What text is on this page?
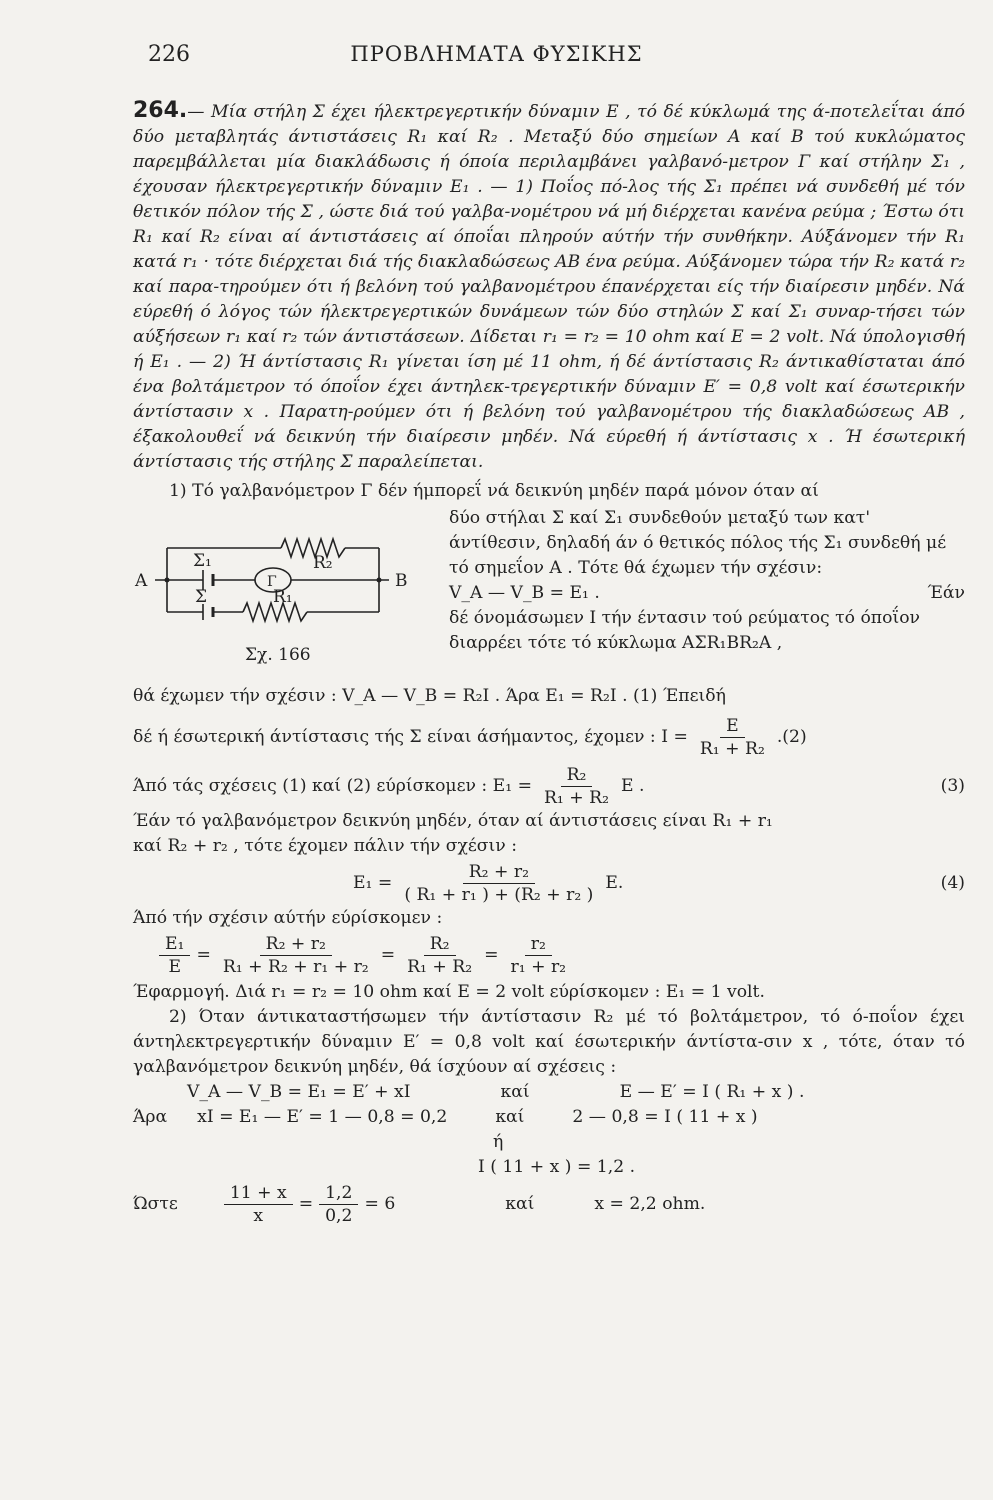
226	ΠΡΟΒΛΗΜΑΤΑ ΦΥΣΙΚΗΣ

264.— Μία στήλη Σ έχει ήλεκτρεγερτικήν δύναμιν Ε , τό δέ κύκλωμά της ά-ποτελεΐται άπό δύο μεταβλητάς άντιστάσεις R₁ καί R₂ . Μεταξύ δύο σημείων Α καί Β τού κυκλώματος παρεμβάλλεται μία διακλάδωσις ή όποία περιλαμβάνει γαλβανό-μετρον Γ καί στήλην Σ₁ , έχουσαν ήλεκτρεγερτικήν δύναμιν Ε₁ . — 1) Ποΐος πό-λος τής Σ₁ πρέπει νά συνδεθή μέ τόν θετικόν πόλον τής Σ , ώστε διά τού γαλβα-νομέτρου νά μή διέρχεται κανένα ρεύμα ; Έστω ότι R₁ καί R₂ είναι αί άντιστάσεις αί όποΐαι πληρούν αύτήν τήν συνθήκην. Αύξάνομεν τήν R₁ κατά r₁ · τότε διέρχεται διά τής διακλαδώσεως ΑΒ ένα ρεύμα. Αύξάνομεν τώρα τήν R₂ κατά r₂ καί παρα-τηρούμεν ότι ή βελόνη τού γαλβανομέτρου έπανέρχεται είς τήν διαίρεσιν μηδέν. Νά εύρεθή ό λόγος τών ήλεκτρεγερτικών δυνάμεων τών δύο στηλών Σ καί Σ₁ συναρ-τήσει τών αύξήσεων r₁ καί r₂ τών άντιστάσεων. Δίδεται r₁ = r₂ = 10 ohm καί Ε = 2 volt. Νά ύπολογισθή ή Ε₁ . — 2) Ή άντίστασις R₁ γίνεται ίση μέ 11 ohm, ή δέ άντίστασις R₂ άντικαθίσταται άπό ένα βολτάμετρον τό όποΐον έχει άντηλεκ-τρεγερτικήν δύναμιν Ε′ = 0,8 volt καί έσωτερικήν άντίστασιν x . Παρατη-ρούμεν ότι ή βελόνη τού γαλβανομέτρου τής διακλαδώσεως ΑΒ , έξακολουθεΐ νά δεικνύη τήν διαίρεσιν μηδέν. Νά εύρεθή ή άντίστασις x . Ή έσωτερική άντίστασις τής στήλης Σ παραλείπεται.

1) Τό γαλβανόμετρον Γ δέν ήμπορεΐ νά δεικνύη μηδέν παρά μόνον όταν αί

A	B
Σ₁	R₂
Γ
Σ	R₁
Σχ. 166

δύο στήλαι Σ καί Σ₁ συνδεθούν μεταξύ των κατ' άντίθεσιν, δηλαδή άν ό θετικός πόλος τής Σ₁ συνδεθή μέ τό σημεΐον Α . Τότε θά έχωμεν τήν σχέσιν:

V_A — V_B = Ε₁ .	Έάν

δέ όνομάσωμεν Ι τήν έντασιν τού ρεύματος τό όποΐον διαρρέει τότε τό κύκλωμα ΑΣR₁BR₂A ,

θά έχωμεν τήν σχέσιν : V_A — V_B = R₂I . Άρα Ε₁ = R₂I . (1) Έπειδή

δέ ή έσωτερική άντίστασις τής Σ είναι άσήμαντος, έχομεν : $I = \frac{E}{\text{R₁ + R₂}} .(2)$
Άπό τάς σχέσεις (1) καί (2) εύρίσκομεν : $E_1 = \frac{\text{R₂}}{\text{R₁ + R₂}}$ Ε .	(3)

Έάν τό γαλβανόμετρον δεικνύη μηδέν, όταν αί άντιστάσεις είναι R₁ + r₁

καί R₂ + r₂ , τότε έχομεν πάλιν τήν σχέσιν :

$E_1 = \frac{\text{R₂ + r₂}}{\text{( R₁ + r₁ ) + (R₂ + r₂ )}} E$.	(4)

Άπό τήν σχέσιν αύτήν εύρίσκομεν :

$\frac{\text{Ε₁}}{E} = \frac{\text{R₂ + r₂}}{\text{R₁ + R₂ + r₁ + r₂}} = \frac{\text{R₂}}{\text{R₁ + R₂}} = \frac{\text{r₂}}{\text{r₁ + r₂}}$

Έφαρμογή. Διά r₁ = r₂ = 10 ohm καί Ε = 2 volt εύρίσκομεν : Ε₁ = 1 volt.

2) Όταν άντικαταστήσωμεν τήν άντίστασιν R₂ μέ τό βολτάμετρον, τό ό-ποΐον έχει άντηλεκτρεγερτικήν δύναμιν Ε′ = 0,8 volt καί έσωτερικήν άντίστα-σιν x , τότε, όταν τό γαλβανόμετρον δεικνύη μηδέν, θά ίσχύουν αί σχέσεις :

V_A — V_B = Ε₁ = Ε′ + xΙ	καί	Ε — Ε′ = Ι ( R₁ + x ) .
Άρα xΙ = Ε₁ — Ε′ = 1 — 0,8 = 0,2	καί	2 — 0,8 = Ι ( 11 + x )
ή
Ι ( 11 + x ) = 1,2 .
Ώστε	$\frac{11 + x}{x} = \frac{1,2}{0,2} = 6$	καί	x = 2,2 ohm.
